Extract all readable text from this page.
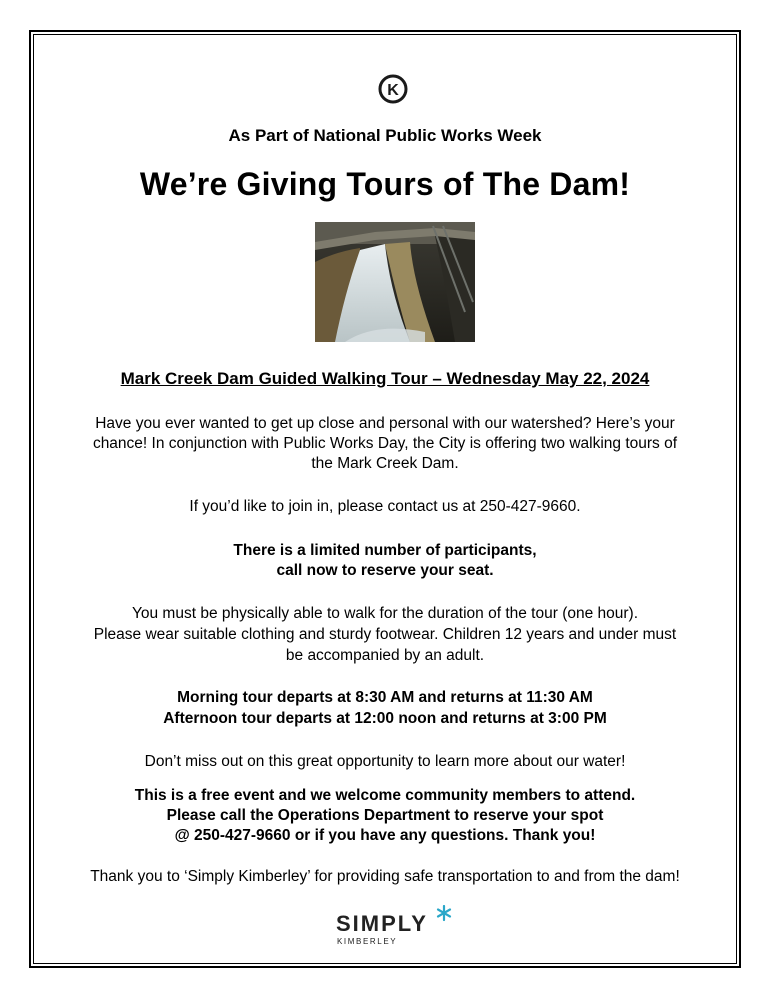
K

As Part of National Public Works Week

We’re Giving Tours of The Dam!

Mark Creek Dam Guided Walking Tour – Wednesday May 22, 2024

Have you ever wanted to get up close and personal with our watershed? Here’s your

chance! In conjunction with Public Works Day, the City is offering two walking tours of

the Mark Creek Dam.

If you’d like to join in, please contact us at 250-427-9660.

There is a limited number of participants,

call now to reserve your seat.

You must be physically able to walk for the duration of the tour (one hour).

Please wear suitable clothing and sturdy footwear. Children 12 years and under must

be accompanied by an adult.

Morning tour departs at 8:30 AM and returns at 11:30 AM

Afternoon tour departs at 12:00 noon and returns at 3:00 PM

Don’t miss out on this great opportunity to learn more about our water!

This is a free event and we welcome community members to attend.

Please call the Operations Department to reserve your spot

@ 250-427-9660 or if you have any questions. Thank you!

Thank you to ‘Simply Kimberley’ for providing safe transportation to and from the dam!

SIMPLY
KIMBERLEY
